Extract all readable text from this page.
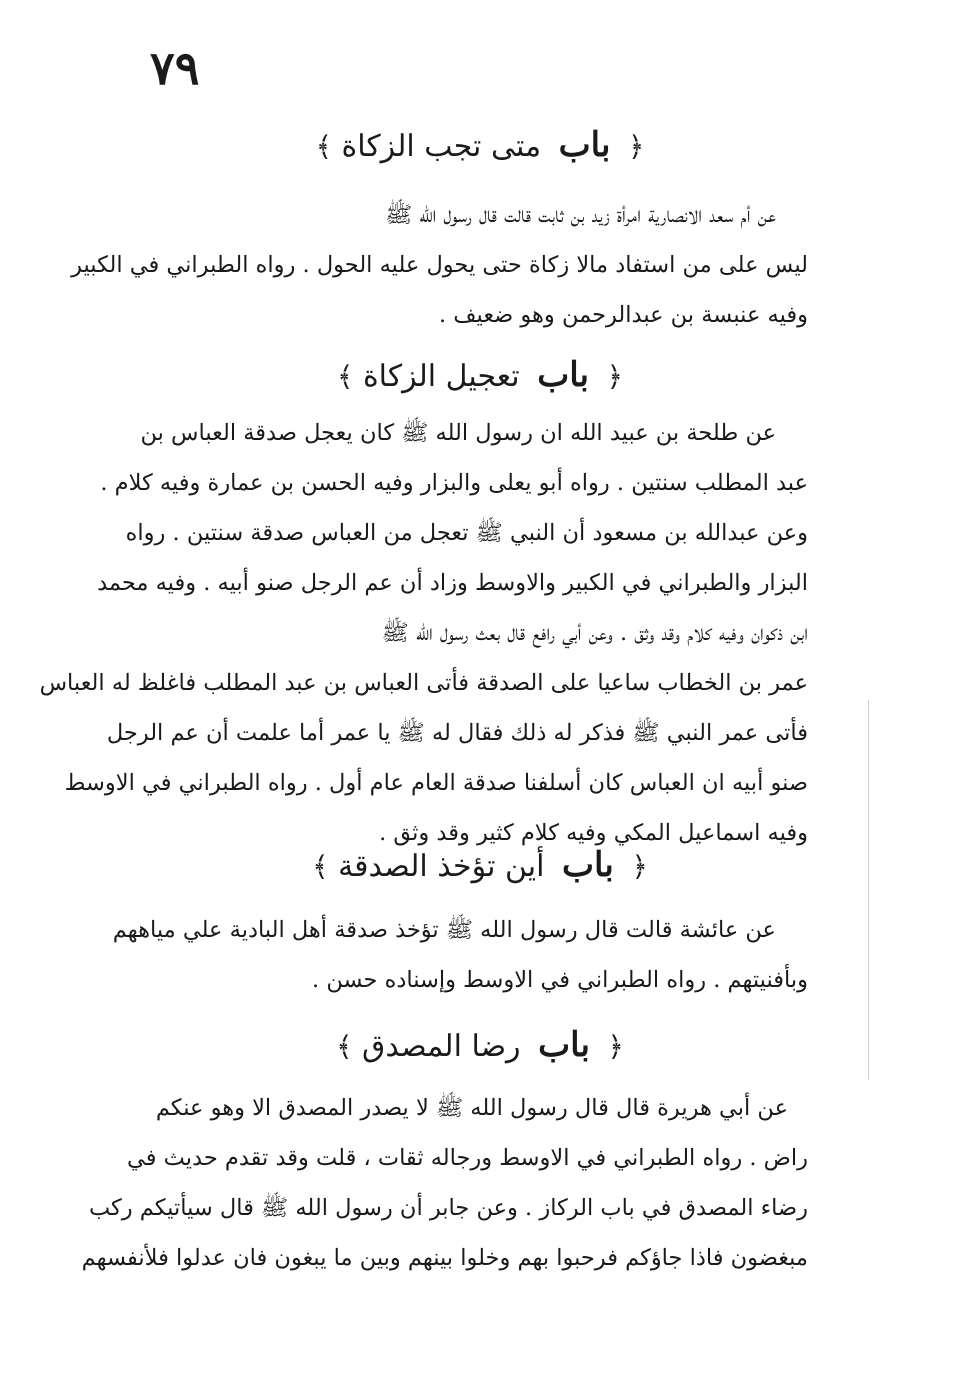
٧٩
﴿ باب متى تجب الزكاة ﴾
عن أم سعد الانصارية امرأة زيد بن ثابت قالت قال رسول الله ﷺ
ليس على من استفاد مالا زكاة حتى يحول عليه الحول . رواه الطبراني في الكبير
وفيه عنبسة بن عبدالرحمن وهو ضعيف .
﴿ باب تعجيل الزكاة ﴾
عن طلحة بن عبيد الله ان رسول الله ﷺ كان يعجل صدقة العباس بن
عبد المطلب سنتين . رواه أبو يعلى والبزار وفيه الحسن بن عمارة وفيه كلام .
وعن عبدالله بن مسعود أن النبي ﷺ تعجل من العباس صدقة سنتين . رواه
البزار والطبراني في الكبير والاوسط وزاد أن عم الرجل صنو أبيه . وفيه محمد
ابن ذكوان وفيه كلام وقد وثق . وعن أبي رافع قال بعث رسول الله ﷺ
عمر بن الخطاب ساعيا على الصدقة فأتى العباس بن عبد المطلب فاغلظ له العباس
فأتى عمر النبي ﷺ فذكر له ذلك فقال له ﷺ يا عمر أما علمت أن عم الرجل
صنو أبيه ان العباس كان أسلفنا صدقة العام عام أول . رواه الطبراني في الاوسط
وفيه اسماعيل المكي وفيه كلام كثير وقد وثق .
﴿ باب أين تؤخذ الصدقة ﴾
عن عائشة قالت قال رسول الله ﷺ تؤخذ صدقة أهل البادية علي مياههم
وبأفنيتهم . رواه الطبراني في الاوسط وإسناده حسن .
﴿ باب رضا المصدق ﴾
عن أبي هريرة قال قال رسول الله ﷺ لا يصدر المصدق الا وهو عنكم
راض . رواه الطبراني في الاوسط ورجاله ثقات ، قلت وقد تقدم حديث في
رضاء المصدق في باب الركاز . وعن جابر أن رسول الله ﷺ قال سيأتيكم ركب
مبغضون فاذا جاؤكم فرحبوا بهم وخلوا بينهم وبين ما يبغون فان عدلوا فلأنفسهم
